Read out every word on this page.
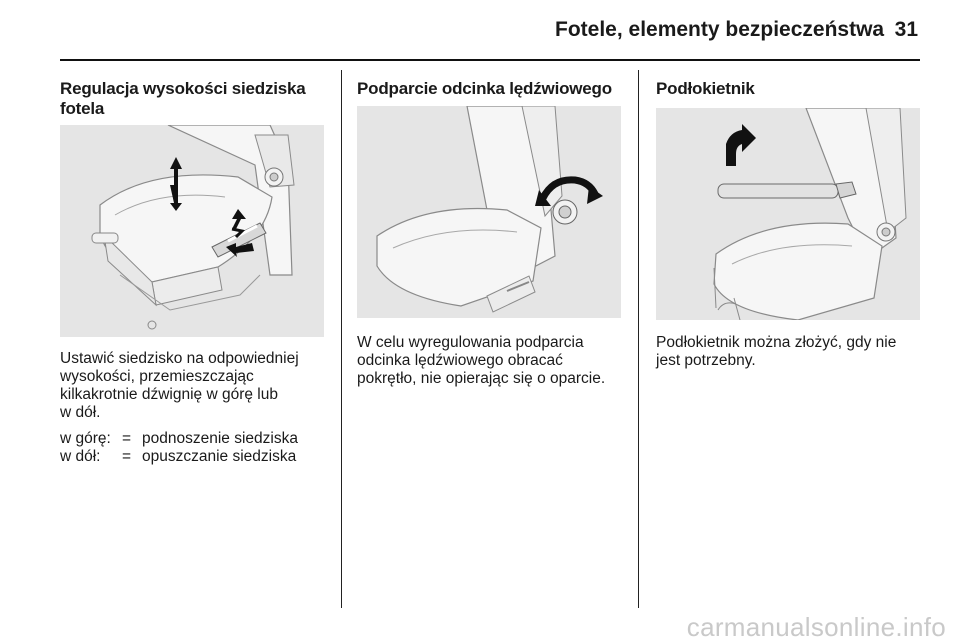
Fotele, elementy bezpieczeństwa 31
Regulacja wysokości siedziska
fotela
Ustawić siedzisko na odpowiedniej
wysokości, przemieszczając
kilkakrotnie dźwignię w górę lub
w dół.
w górę: = podnoszenie siedziska
w dół: = opuszczanie siedziska
Podparcie odcinka lędźwiowego
W celu wyregulowania podparcia
odcinka lędźwiowego obracać
pokrętło, nie opierając się o oparcie.
Podłokietnik
Podłokietnik można złożyć, gdy nie
jest potrzebny.
carmanualsonline.info
